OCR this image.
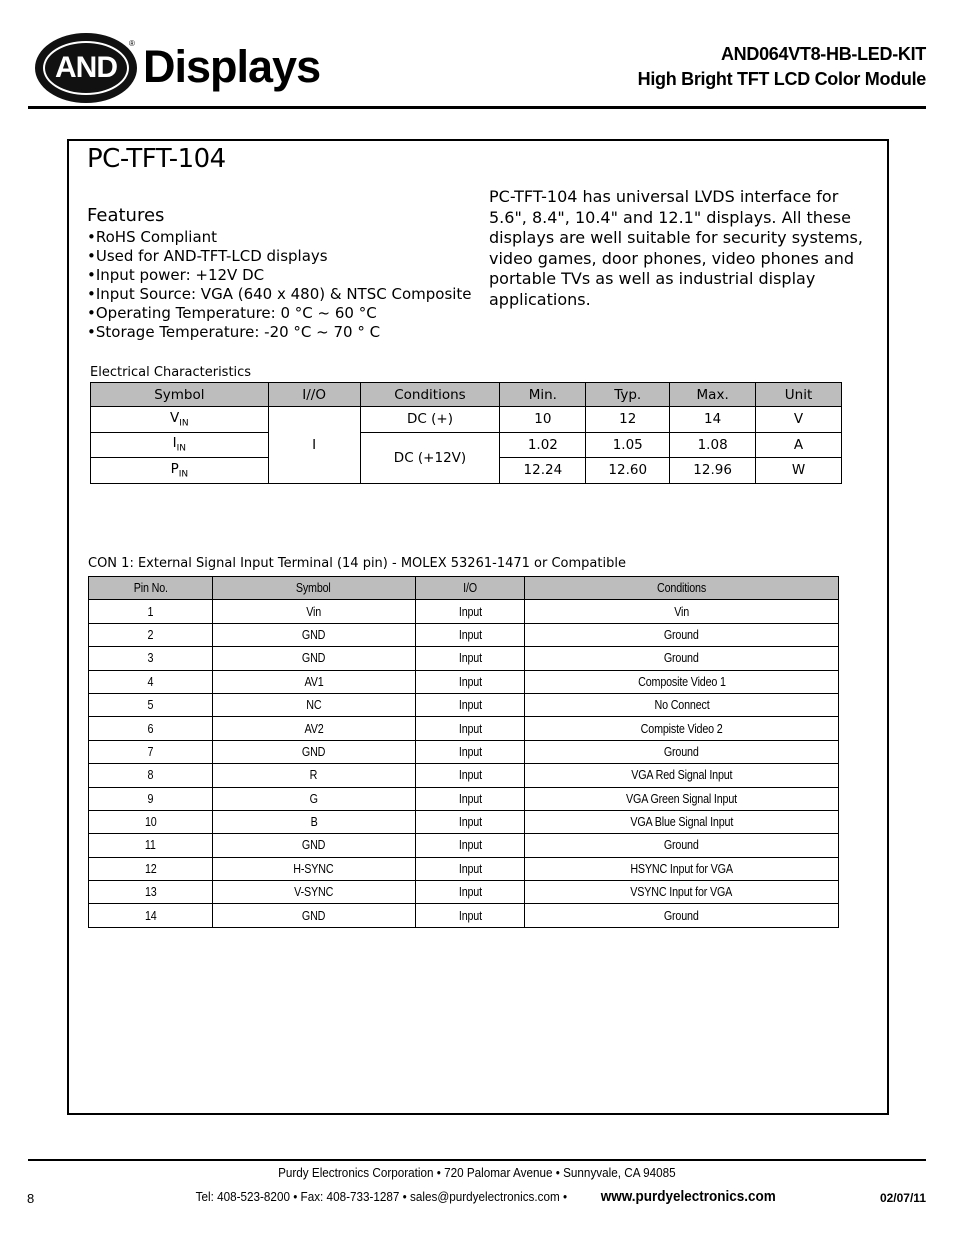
AND
® Displays	AND064VT8-HB-LED-KIT
High Bright TFT LCD Color Module
PC-TFT-104
Features
• RoHS Compliant
• Used for AND-TFT-LCD displays
• Input power: +12V DC
• Input Source: VGA (640 x 480) & NTSC Composite
• Operating Temperature: 0 °C ~ 60 °C
• Storage Temperature: -20 °C ~ 70 ° C
PC-TFT-104 has universal LVDS interface for 5.6", 8.4", 10.4" and 12.1" displays. All these displays are well suitable for security systems, video games, door phones, video phones and portable TVs as well as industrial display applications.
Electrical Characteristics
Symbol	I//O	Conditions	Min.	Typ.	Max.	Unit
$V_{IN}$	I	DC (+)	10	12	14	V
$I_{IN}$		DC (+12V)	1.02	1.05	1.08	A
$P_{IN}$			12.24	12.60	12.96	W
CON 1: External Signal Input Terminal (14 pin) - MOLEX 53261-1471 or Compatible
Pin No.	Symbol	I/O	Conditions
1	Vin	Input	Vin
2	GND	Input	Ground
3	GND	Input	Ground
4	AV1	Input	Composite Video 1
5	NC	Input	No Connect
6	AV2	Input	Compiste Video 2
7	GND	Input	Ground
8	R	Input	VGA Red Signal Input
9	G	Input	VGA Green Signal Input
10	B	Input	VGA Blue Signal Input
11	GND	Input	Ground
12	H-SYNC	Input	HSYNC Input for VGA
13	V-SYNC	Input	VSYNC Input for VGA
14	GND	Input	Ground
Purdy Electronics Corporation • 720 Palomar Avenue • Sunnyvale, CA 94085
8	Tel: 408-523-8200 • Fax: 408-733-1287 • sales@purdyelectronics.com • www.purdyelectronics.com	02/07/11
